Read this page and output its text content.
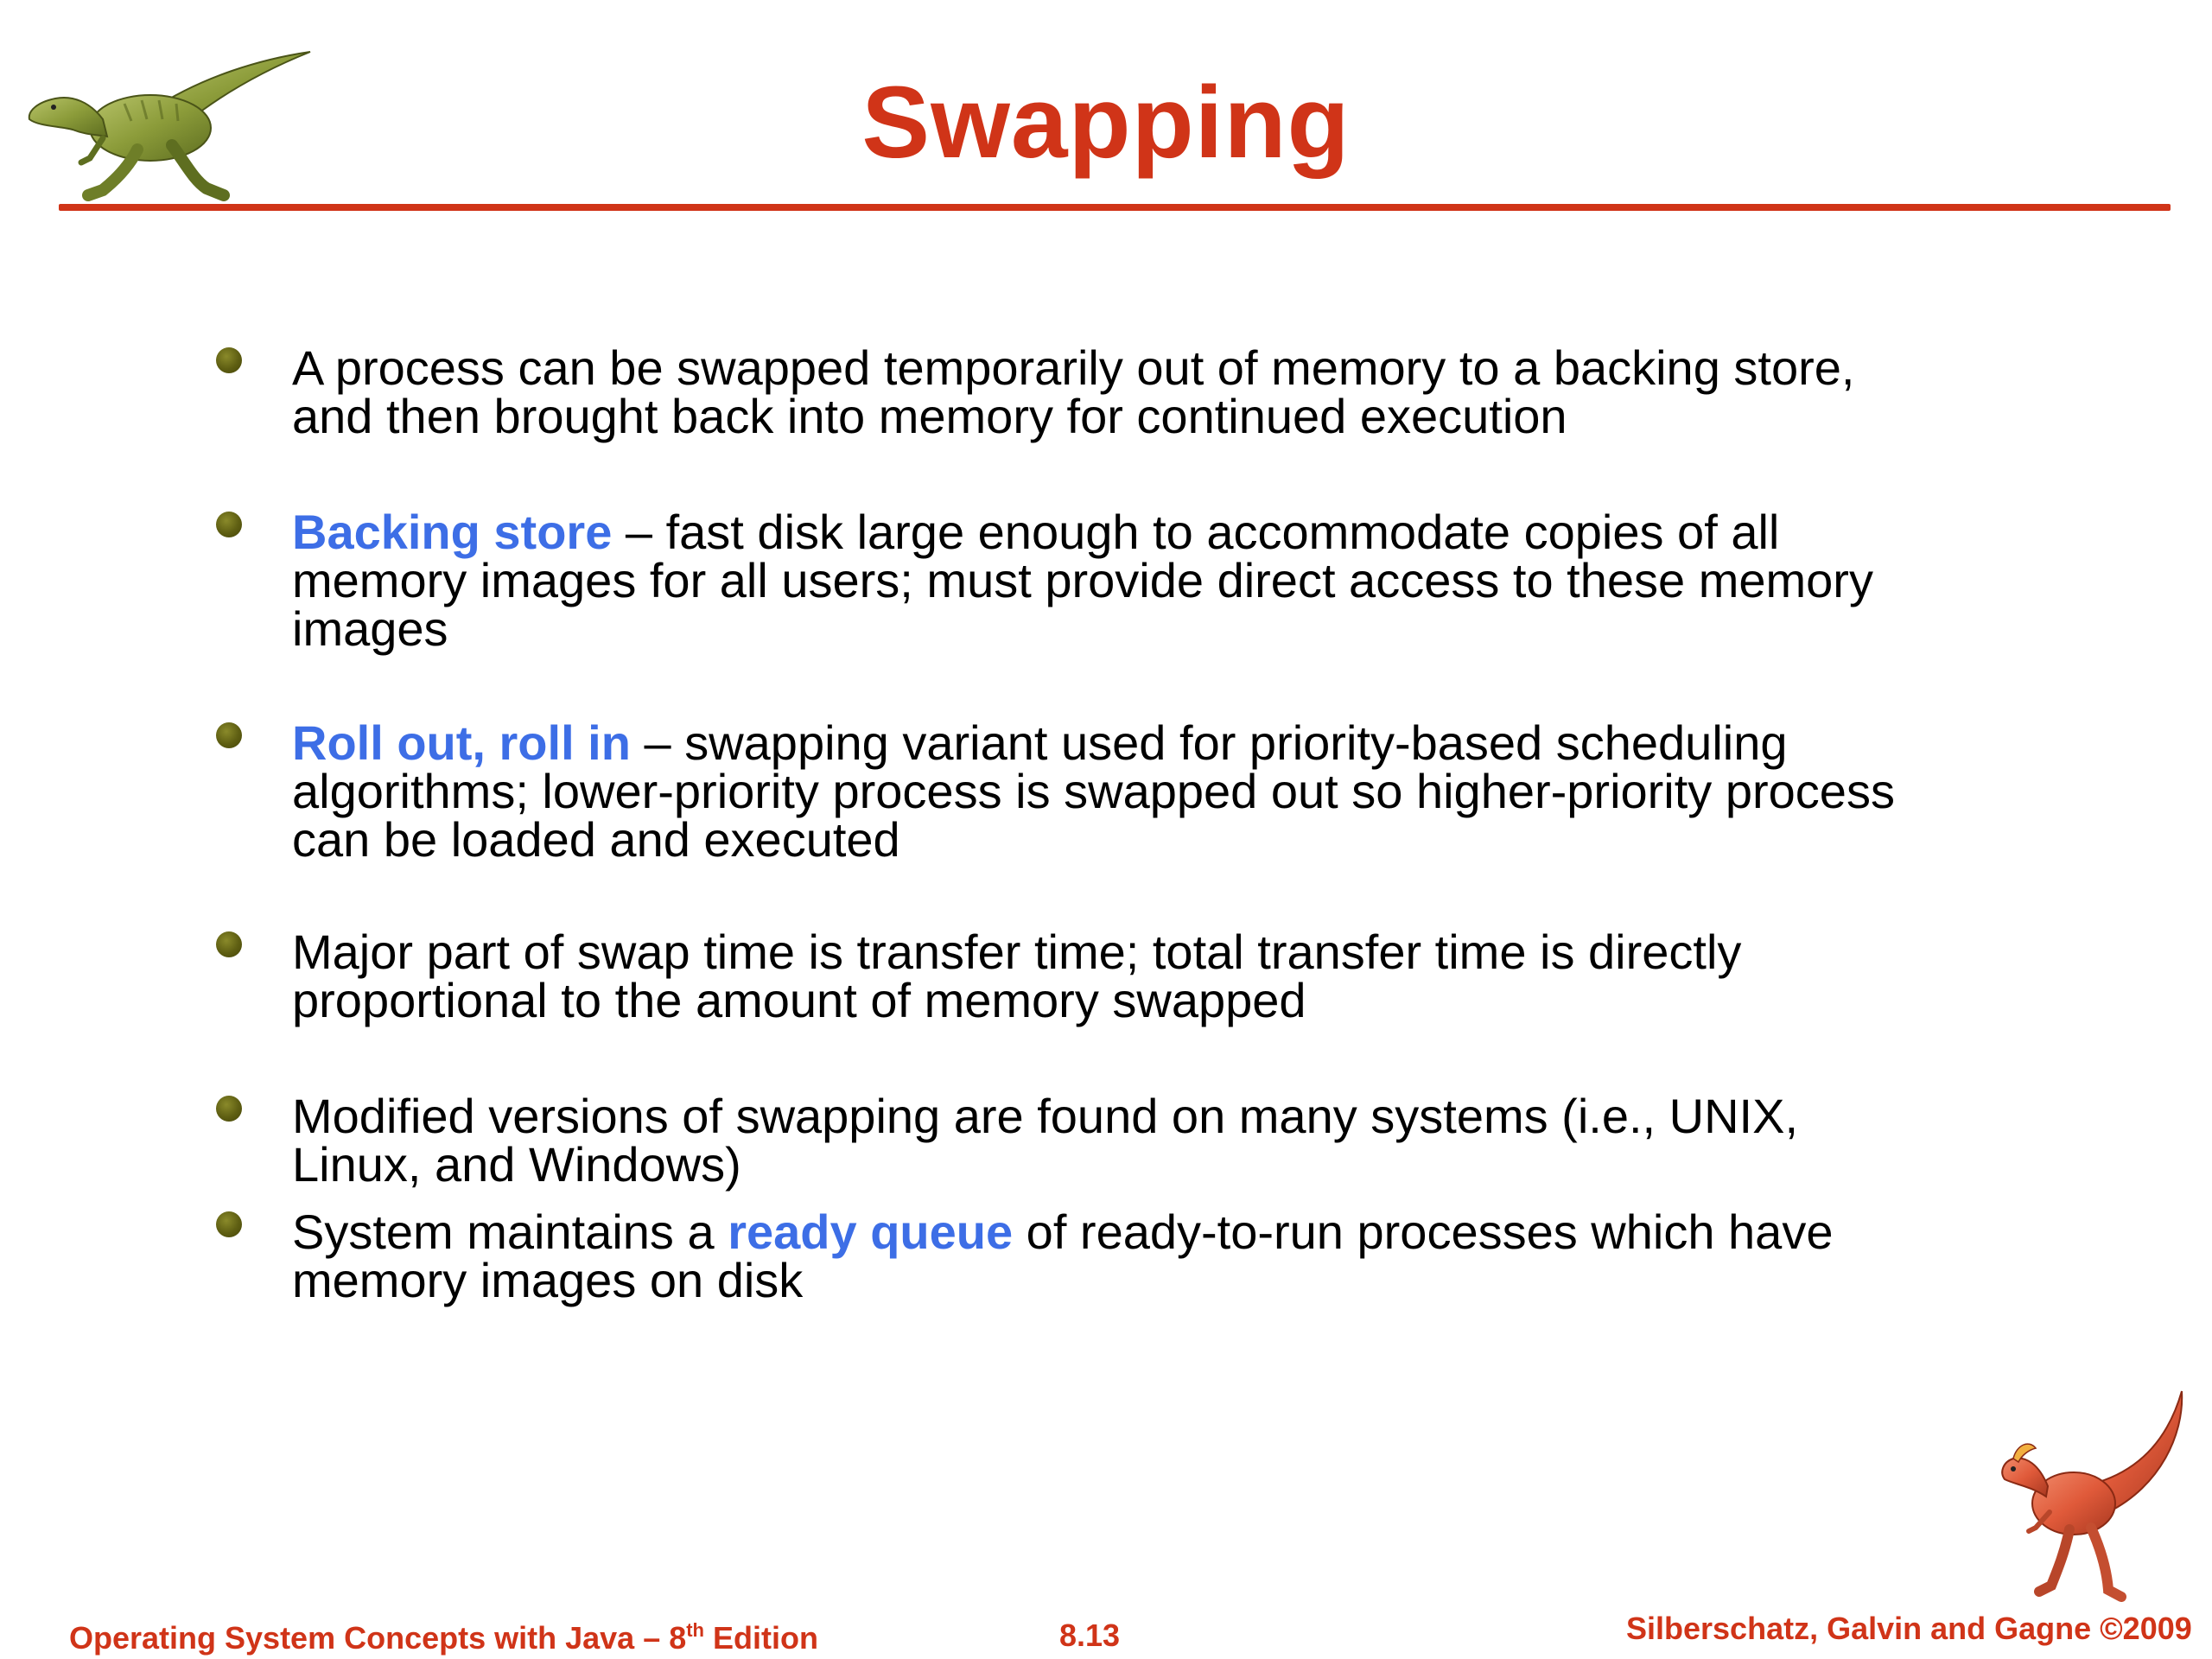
Swapping
A process can be swapped temporarily out of memory to a backing store,
and then brought back into memory for continued execution
Backing store – fast disk large enough to accommodate copies of all
memory images for all users; must provide direct access to these memory
images
Roll out, roll in – swapping variant used for priority-based scheduling
algorithms; lower-priority process is swapped out so higher-priority process
can be loaded and executed
Major part of swap time is transfer time; total transfer time is directly
proportional to the amount of memory swapped
Modified versions of swapping are found on many systems (i.e., UNIX,
Linux, and Windows)
System maintains a ready queue of ready-to-run processes which have
memory images on disk
Operating System Concepts with Java – 8th Edition	8.13	Silberschatz, Galvin and Gagne ©2009
